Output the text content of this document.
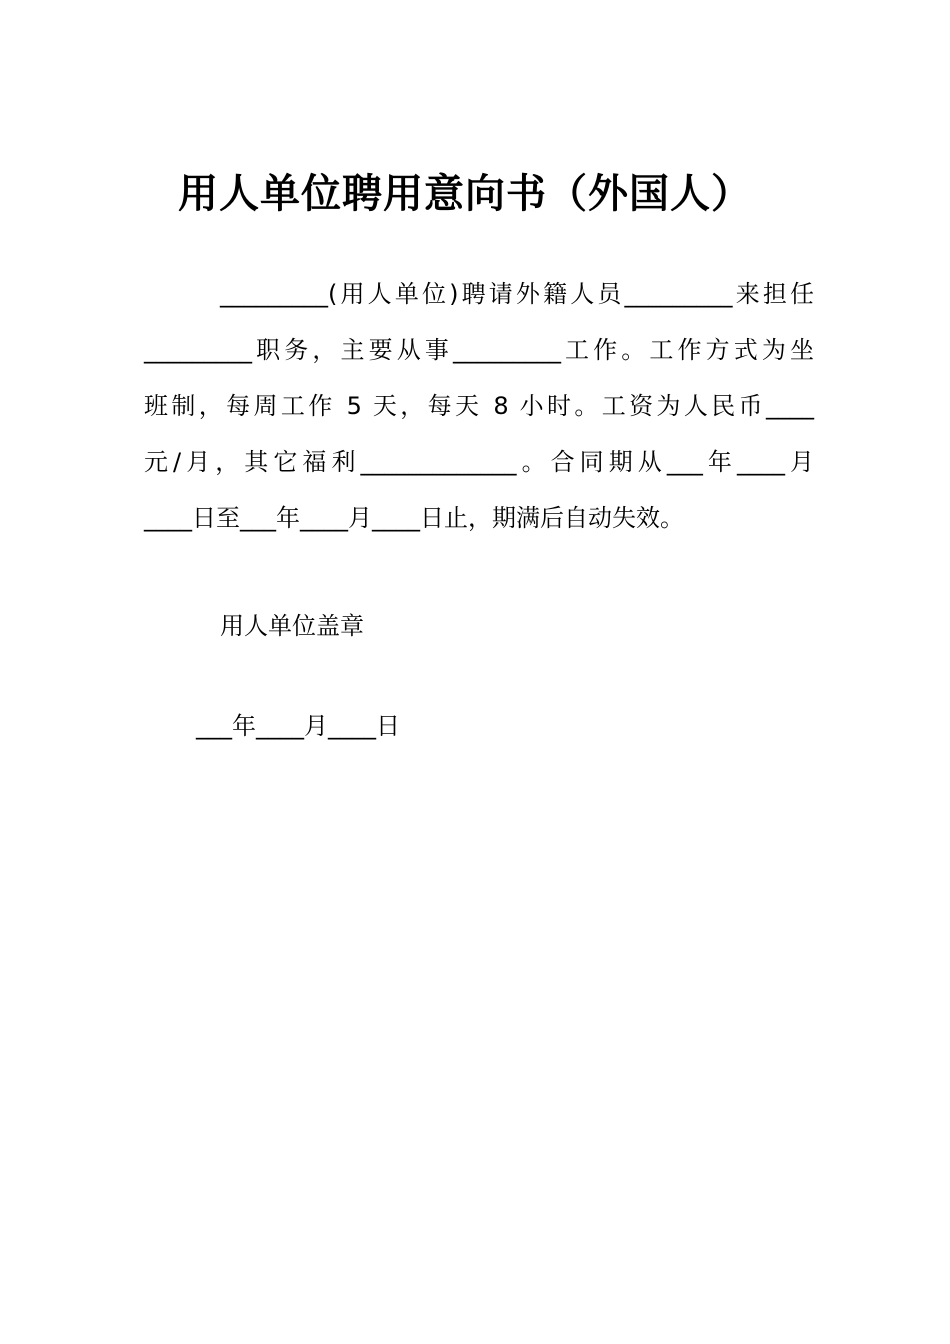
用人单位聘用意向书（外国人）
_________(用人单位)聘请外籍人员_________来担任
_________职务，主要从事_________工作。工作方式为坐
班制，每周工作 5 天，每天 8 小时。工资为人民币____
元/月，其它福利_____________。合同期从___年____月
____日至___年____月____日止，期满后自动失效。
用人单位盖章
___年____月____日
